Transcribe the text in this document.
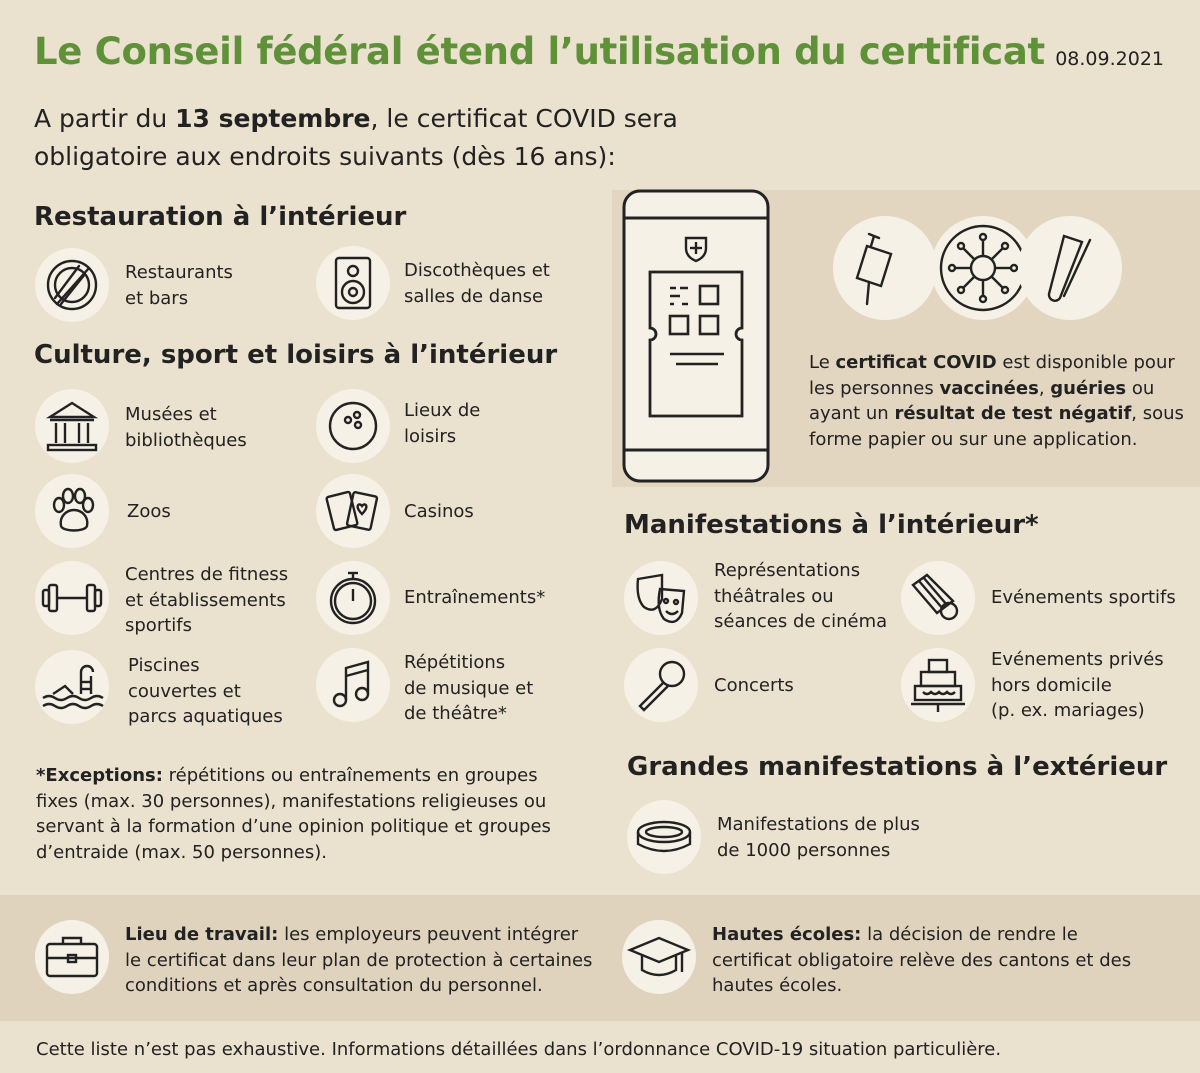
Le Conseil fédéral étend l’utilisation du certificat 08.09.2021
A partir du 13 septembre, le certificat COVID sera
obligatoire aux endroits suivants (dès 16 ans):
Restauration à l’intérieur
Restaurants
et bars
Discothèques et
salles de danse
Culture, sport et loisirs à l’intérieur
Musées et
bibliothèques
Lieux de
loisirs
Zoos	Casinos
Centres de fitness
et établissements
sportifs
Entraînements*
Piscines
couvertes et
parcs aquatiques
Répétitions
de musique et
de théâtre*
*Exceptions: répétitions ou entraînements en groupes fixes (max. 30 personnes), manifestations religieuses ou servant à la formation d’une opinion politique et groupes d’entraide (max. 50 personnes).
Le certificat COVID est disponible pour les personnes vaccinées, guéries ou ayant un résultat de test négatif, sous forme papier ou sur une application.
Manifestations à l’intérieur*
Représentations
théâtrales ou
séances de cinéma
Evénements sportifs
Concerts
Evénements privés
hors domicile
(p. ex. mariages)
Grandes manifestations à l’extérieur
Manifestations de plus
de 1000 personnes
Lieu de travail: les employeurs peuvent intégrer le certificat dans leur plan de protection à certaines conditions et après consultation du personnel.
Hautes écoles: la décision de rendre le certificat obligatoire relève des cantons et des hautes écoles.
Cette liste n’est pas exhaustive. Informations détaillées dans l’ordonnance COVID-19 situation particulière.
